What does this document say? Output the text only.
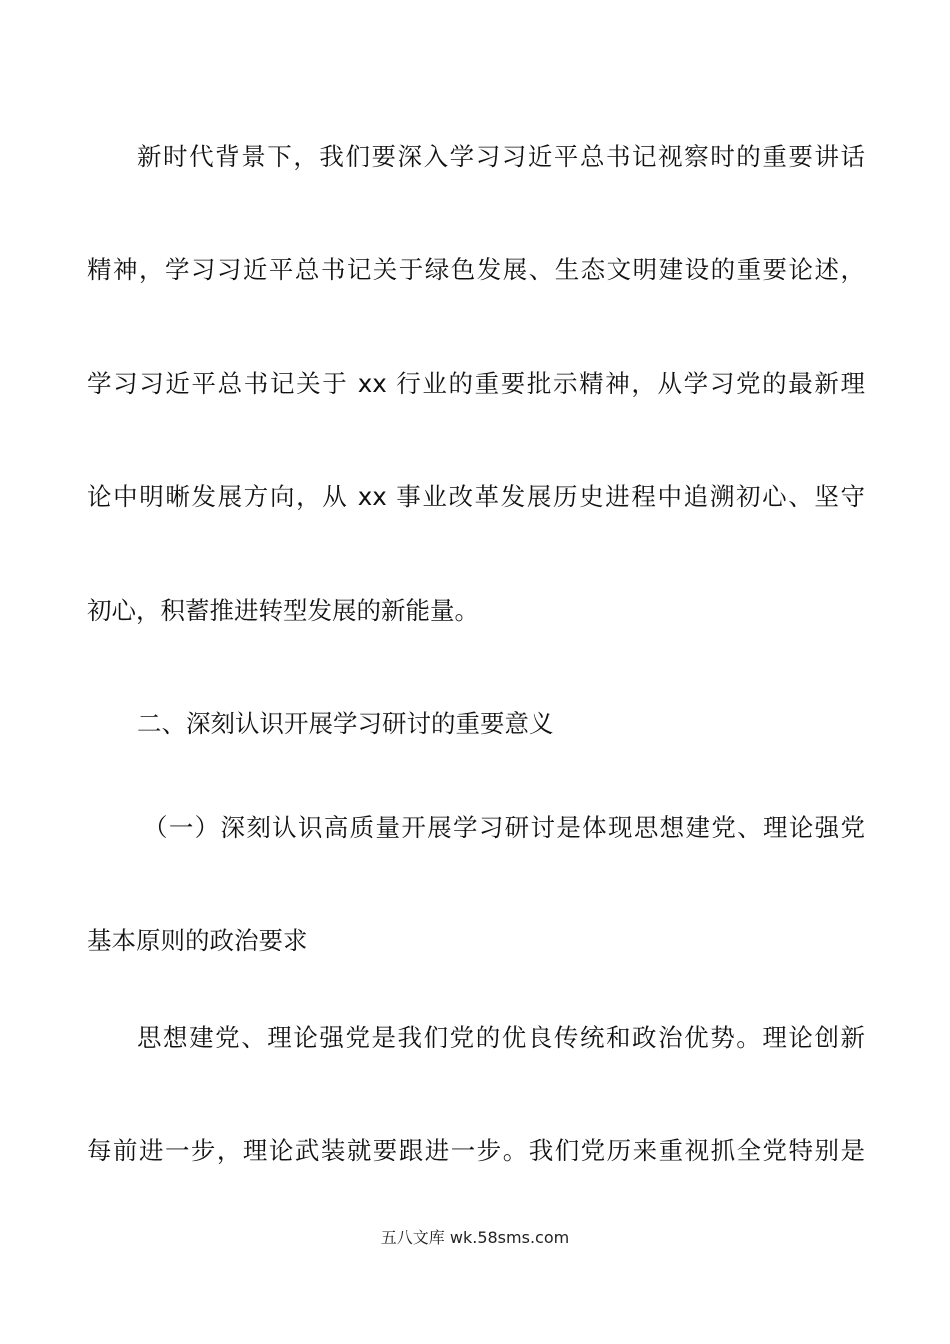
新时代背景下，我们要深入学习习近平总书记视察时的重要讲话
精神，学习习近平总书记关于绿色发展、生态文明建设的重要论述，
学习习近平总书记关于 xx 行业的重要批示精神，从学习党的最新理
论中明晰发展方向，从 xx 事业改革发展历史进程中追溯初心、坚守
初心，积蓄推进转型发展的新能量。
二、深刻认识开展学习研讨的重要意义
（一）深刻认识高质量开展学习研讨是体现思想建党、理论强党
基本原则的政治要求
思想建党、理论强党是我们党的优良传统和政治优势。理论创新
每前进一步，理论武装就要跟进一步。我们党历来重视抓全党特别是
五八文库 wk.58sms.com
